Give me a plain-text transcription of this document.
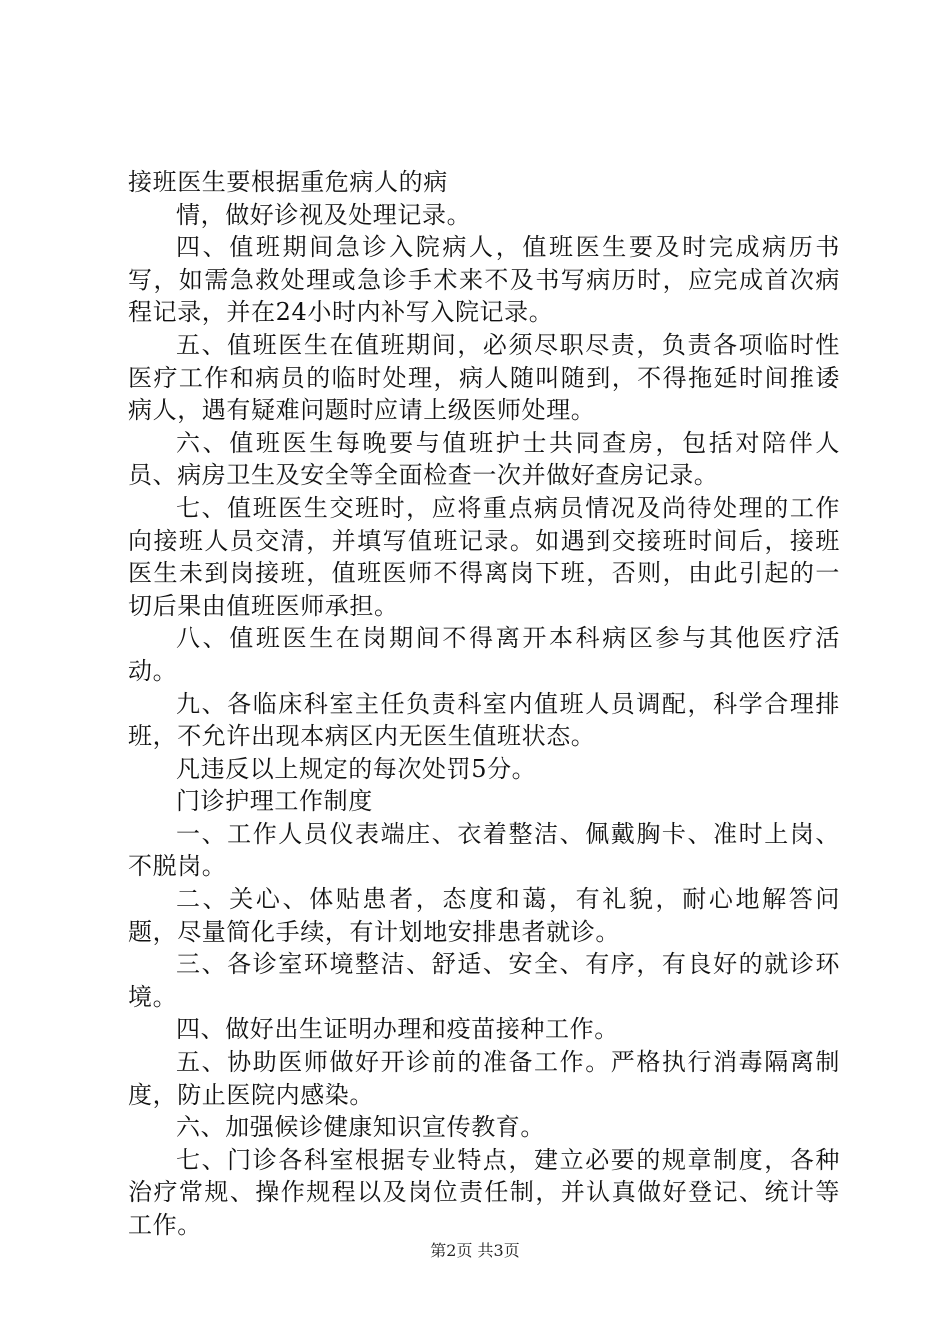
接班医生要根据重危病人的病

情，做好诊视及处理记录。

四、值班期间急诊入院病人，值班医生要及时完成病历书写，如需急救处理或急诊手术来不及书写病历时，应完成首次病程记录，并在24小时内补写入院记录。

五、值班医生在值班期间，必须尽职尽责，负责各项临时性医疗工作和病员的临时处理，病人随叫随到，不得拖延时间推诿病人，遇有疑难问题时应请上级医师处理。

六、值班医生每晚要与值班护士共同查房，包括对陪伴人员、病房卫生及安全等全面检查一次并做好查房记录。

七、值班医生交班时，应将重点病员情况及尚待处理的工作向接班人员交清，并填写值班记录。如遇到交接班时间后，接班医生未到岗接班，值班医师不得离岗下班，否则，由此引起的一切后果由值班医师承担。

八、值班医生在岗期间不得离开本科病区参与其他医疗活动。

九、各临床科室主任负责科室内值班人员调配，科学合理排班，不允许出现本病区内无医生值班状态。

凡违反以上规定的每次处罚5分。

门诊护理工作制度

一、工作人员仪表端庄、衣着整洁、佩戴胸卡、准时上岗、不脱岗。

二、关心、体贴患者，态度和蔼，有礼貌，耐心地解答问题，尽量简化手续，有计划地安排患者就诊。

三、各诊室环境整洁、舒适、安全、有序，有良好的就诊环境。

四、做好出生证明办理和疫苗接种工作。

五、协助医师做好开诊前的准备工作。严格执行消毒隔离制度，防止医院内感染。

六、加强候诊健康知识宣传教育。

七、门诊各科室根据专业特点，建立必要的规章制度，各种治疗常规、操作规程以及岗位责任制，并认真做好登记、统计等工作。

第2页 共3页
